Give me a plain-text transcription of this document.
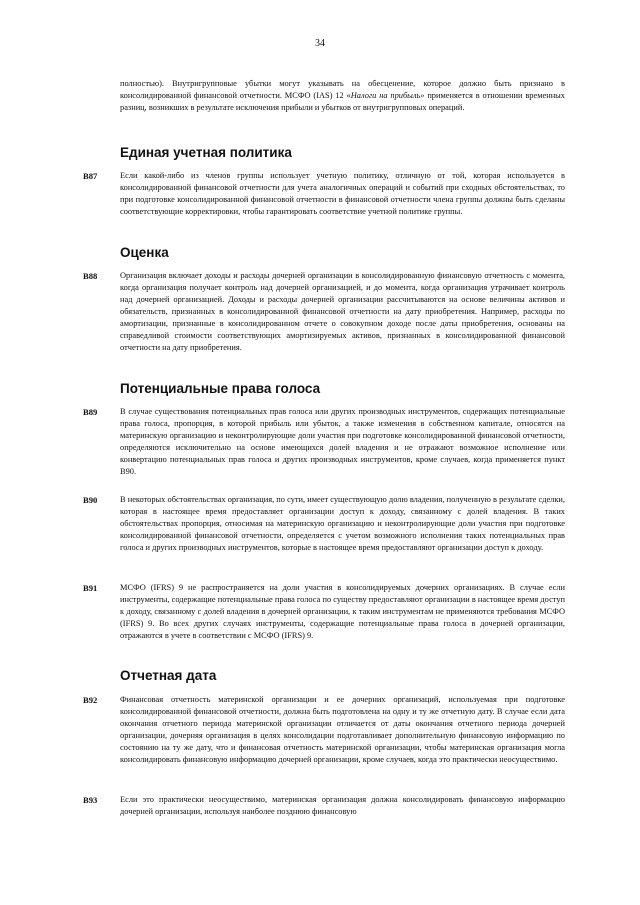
34
полностью). Внутригрупповые убытки могут указывать на обесценение, которое должно быть признано в консолидированной финансовой отчетности. МСФО (IAS) 12 «Налоги на прибыль» применяется в отношении временных разниц, возникших в результате исключения прибыли и убытков от внутригрупповых операций.
Единая учетная политика
B87	Если какой-либо из членов группы использует учетную политику, отличную от той, которая используется в консолидированной финансовой отчетности для учета аналогичных операций и событий при сходных обстоятельствах, то при подготовке консолидированной финансовой отчетности в финансовой отчетности члена группы должны быть сделаны соответствующие корректировки, чтобы гарантировать соответствие учетной политике группы.
Оценка
B88	Организация включает доходы и расходы дочерней организации в консолидированную финансовую отчетность с момента, когда организация получает контроль над дочерней организацией, и до момента, когда организация утрачивает контроль над дочерней организацией. Доходы и расходы дочерней организации рассчитываются на основе величины активов и обязательств, признанных в консолидированной финансовой отчетности на дату приобретения. Например, расходы по амортизации, признанные в консолидированном отчете о совокупном доходе после даты приобретения, основаны на справедливой стоимости соответствующих амортизируемых активов, признанных в консолидированной финансовой отчетности на дату приобретения.
Потенциальные права голоса
B89	В случае существования потенциальных прав голоса или других производных инструментов, содержащих потенциальные права голоса, пропорция, в которой прибыль или убыток, а также изменения в собственном капитале, относятся на материнскую организацию и неконтролирующие доли участия при подготовке консолидированной финансовой отчетности, определяются исключительно на основе имеющихся долей владения и не отражают возможное исполнение или конвертацию потенциальных прав голоса и других производных инструментов, кроме случаев, когда применяется пункт B90.
B90	В некоторых обстоятельствах организация, по сути, имеет существующую долю владения, полученную в результате сделки, которая в настоящее время предоставляет организации доступ к доходу, связанному с долей владения. В таких обстоятельствах пропорция, относимая на материнскую организацию и неконтролирующие доли участия при подготовке консолидированной финансовой отчетности, определяется с учетом возможного исполнения таких потенциальных прав голоса и других производных инструментов, которые в настоящее время предоставляют организации доступ к доходу.
B91	МСФО (IFRS) 9 не распространяется на доли участия в консолидируемых дочерних организациях. В случае если инструменты, содержащие потенциальные права голоса по существу предоставляют организации в настоящее время доступ к доходу, связанному с долей владения в дочерней организации, к таким инструментам не применяются требования МСФО (IFRS) 9. Во всех других случаях инструменты, содержащие потенциальные права голоса в дочерней организации, отражаются в учете в соответствии с МСФО (IFRS) 9.
Отчетная дата
B92	Финансовая отчетность материнской организации и ее дочерних организаций, используемая при подготовке консолидированной финансовой отчетности, должна быть подготовлена на одну и ту же отчетную дату. В случае если дата окончания отчетного периода материнской организации отличается от даты окончания отчетного периода дочерней организации, дочерняя организация в целях консолидации подготавливает дополнительную финансовую информацию по состоянию на ту же дату, что и финансовая отчетность материнской организации, чтобы материнская организация могла консолидировать финансовую информацию дочерней организации, кроме случаев, когда это практически неосуществимо.
B93	Если это практически неосуществимо, материнская организация должна консолидировать финансовую информацию дочерней организации, используя наиболее позднюю финансовую
